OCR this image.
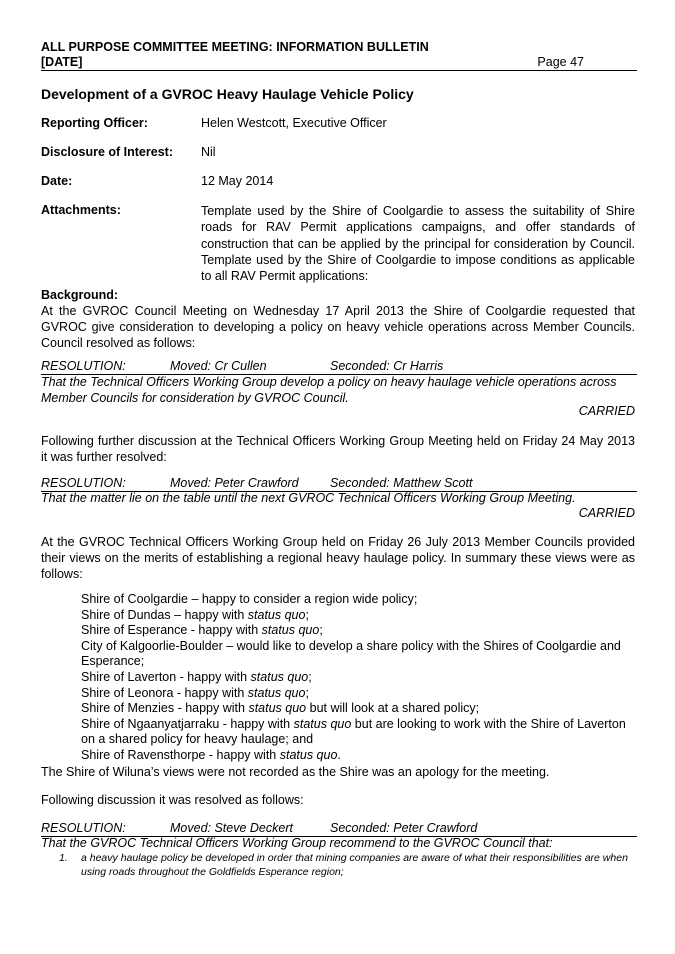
ALL PURPOSE COMMITTEE MEETING: INFORMATION BULLETIN
[DATE]	Page 47
Development of a GVROC Heavy Haulage Vehicle Policy
Reporting Officer:	Helen Westcott, Executive Officer
Disclosure of Interest: Nil
Date:	12 May 2014
Attachments:	Template used by the Shire of Coolgardie to assess the suitability of Shire roads for RAV Permit applications campaigns, and offer standards of construction that can be applied by the principal for consideration by Council. Template used by the Shire of Coolgardie to impose conditions as applicable to all RAV Permit applications:
Background:
At the GVROC Council Meeting on Wednesday 17 April 2013 the Shire of Coolgardie requested that GVROC give consideration to developing a policy on heavy vehicle operations across Member Councils. Council resolved as follows:
RESOLUTION:	Moved: Cr Cullen	Seconded: Cr Harris
That the Technical Officers Working Group develop a policy on heavy haulage vehicle operations across Member Councils for consideration by GVROC Council.
CARRIED
Following further discussion at the Technical Officers Working Group Meeting held on Friday 24 May 2013 it was further resolved:
RESOLUTION:	Moved: Peter Crawford	Seconded: Matthew Scott
That the matter lie on the table until the next GVROC Technical Officers Working Group Meeting.
CARRIED
At the GVROC Technical Officers Working Group held on Friday 26 July 2013 Member Councils provided their views on the merits of establishing a regional heavy haulage policy. In summary these views were as follows:
Shire of Coolgardie – happy to consider a region wide policy;
Shire of Dundas – happy with status quo;
Shire of Esperance - happy with status quo;
City of Kalgoorlie-Boulder – would like to develop a share policy with the Shires of Coolgardie and Esperance;
Shire of Laverton - happy with status quo;
Shire of Leonora - happy with status quo;
Shire of Menzies - happy with status quo but will look at a shared policy;
Shire of Ngaanyatjarraku - happy with status quo but are looking to work with the Shire of Laverton on a shared policy for heavy haulage; and
Shire of Ravensthorpe - happy with status quo.
The Shire of Wiluna’s views were not recorded as the Shire was an apology for the meeting.
Following discussion it was resolved as follows:
RESOLUTION:	Moved: Steve Deckert	Seconded: Peter Crawford
That the GVROC Technical Officers Working Group recommend to the GVROC Council that:
1. a heavy haulage policy be developed in order that mining companies are aware of what their responsibilities are when using roads throughout the Goldfields Esperance region;
